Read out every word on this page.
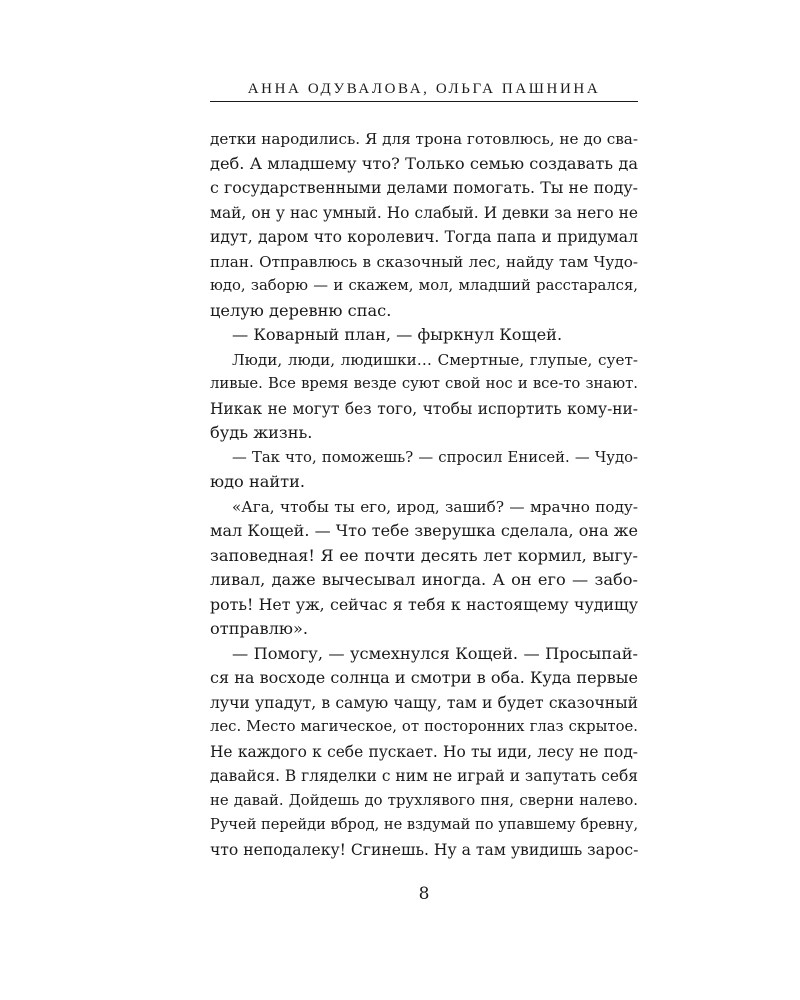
АННА ОДУВАЛОВА, ОЛЬГА ПАШНИНА
детки народились. Я для трона готовлюсь, не до сва-
деб. А младшему что? Только семью создавать да
с государственными делами помогать. Ты не поду-
май, он у нас умный. Но слабый. И девки за него не
идут, даром что королевич. Тогда папа и придумал
план. Отправлюсь в сказочный лес, найду там Чудо-
юдо, заборю — и скажем, мол, младший расстарался,
целую деревню спас.
— Коварный план, — фыркнул Кощей.
Люди, люди, людишки… Смертные, глупые, сует-
ливые. Все время везде суют свой нос и все-то знают.
Никак не могут без того, чтобы испортить кому-ни-
будь жизнь.
— Так что, поможешь? — спросил Енисей. — Чудо-
юдо найти.
«Ага, чтобы ты его, ирод, зашиб? — мрачно поду-
мал Кощей. — Что тебе зверушка сделала, она же
заповедная! Я ее почти десять лет кормил, выгу-
ливал, даже вычесывал иногда. А он его — забо-
роть! Нет уж, сейчас я тебя к настоящему чудищу
отправлю».
— Помогу, — усмехнулся Кощей. — Просыпай-
ся на восходе солнца и смотри в оба. Куда первые
лучи упадут, в самую чащу, там и будет сказочный
лес. Место магическое, от посторонних глаз скрытое.
Не каждого к себе пускает. Но ты иди, лесу не под-
давайся. В гляделки с ним не играй и запутать себя
не давай. Дойдешь до трухлявого пня, сверни налево.
Ручей перейди вброд, не вздумай по упавшему бревну,
что неподалеку! Сгинешь. Ну а там увидишь зарос-
8
